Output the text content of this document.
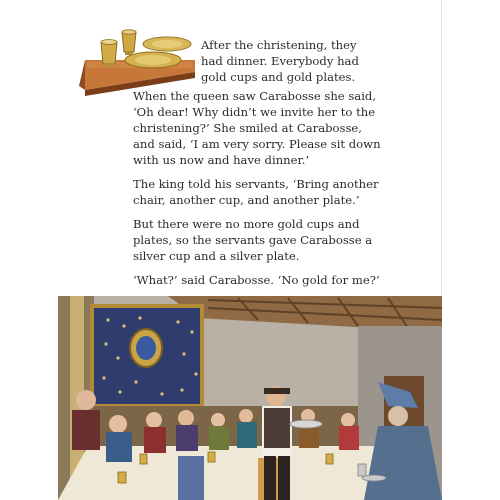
After the christening, they had dinner. Everybody had gold cups and gold plates.

When the queen saw Carabosse she said, ‘Oh dear! Why didn’t we invite her to the christening?’ She smiled at Carabosse, and said, ‘I am very sorry. Please sit down with us now and have dinner.’

The king told his servants, ‘Bring another chair, another cup, and another plate.’

But there were no more gold cups and plates, so the servants gave Carabosse a silver cup and a silver plate.

‘What?’ said Carabosse. ‘No gold for me?’
